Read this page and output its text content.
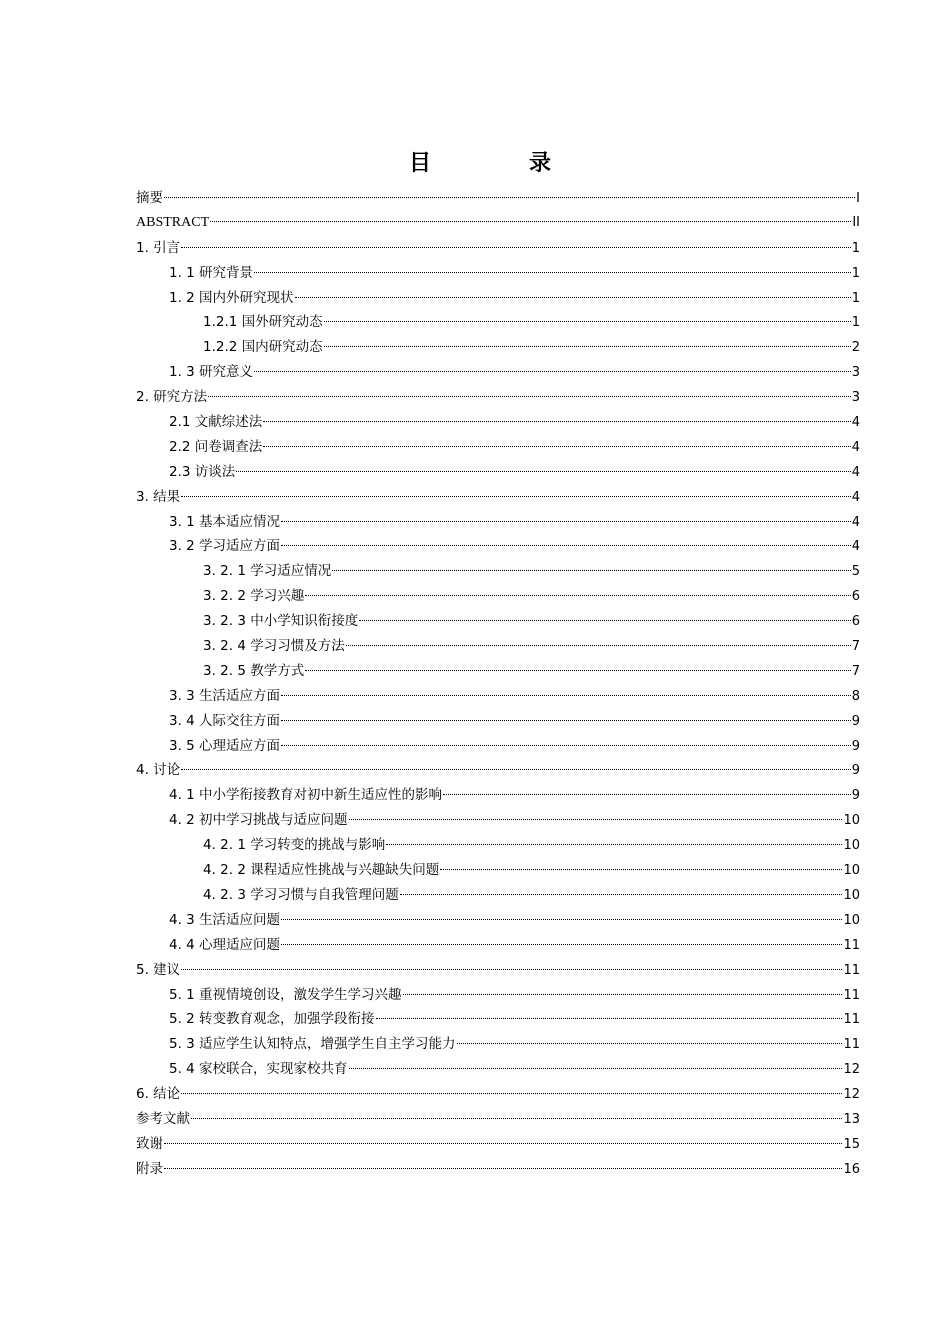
目　录
摘要	I
ABSTRACT	II
1. 引言	1
1. 1 研究背景	1
1. 2 国内外研究现状	1
1.2.1 国外研究动态	1
1.2.2 国内研究动态	2
1. 3 研究意义	3
2. 研究方法	3
2.1 文献综述法	4
2.2 问卷调查法	4
2.3 访谈法	4
3. 结果	4
3. 1 基本适应情况	4
3. 2 学习适应方面	4
3. 2. 1 学习适应情况	5
3. 2. 2 学习兴趣	6
3. 2. 3 中小学知识衔接度	6
3. 2. 4 学习习惯及方法	7
3. 2. 5 教学方式	7
3. 3 生活适应方面	8
3. 4 人际交往方面	9
3. 5 心理适应方面	9
4. 讨论	9
4. 1 中小学衔接教育对初中新生适应性的影响	9
4. 2 初中学习挑战与适应问题	10
4. 2. 1 学习转变的挑战与影响	10
4. 2. 2 课程适应性挑战与兴趣缺失问题	10
4. 2. 3 学习习惯与自我管理问题	10
4. 3 生活适应问题	10
4. 4 心理适应问题	11
5. 建议	11
5. 1 重视情境创设，激发学生学习兴趣	11
5. 2 转变教育观念，加强学段衔接	11
5. 3 适应学生认知特点，增强学生自主学习能力	11
5. 4 家校联合，实现家校共育	12
6. 结论	12
参考文献	13
致谢	15
附录	16
